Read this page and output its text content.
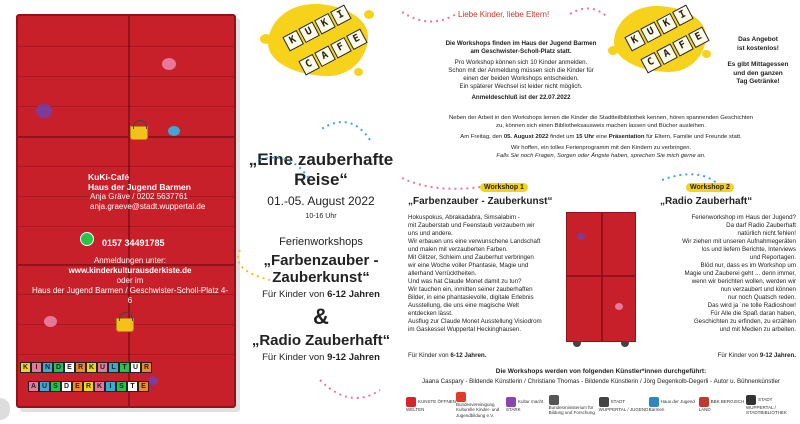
KuKi-Café
Haus der Jugend Barmen
Anja Gräve / 0202 5637761
anja.graeve@stadt.wuppertal.de
0157 34491785
Anmeldungen unter:
www.kinderkulturausderkiste.de
oder im
Haus der Jugend Barmen / Geschwister-Scholl-Platz 4-6
K I N D E R K U L T U R
A U S D E R K I S T E
K
U
K
I
C
A
F
E
„Eine zauberhafte Reise“
01.-05. August 2022
10-16 Uhr
Ferienworkshops
„Farbenzauber - Zauberkunst“
Für Kinder von 6-12 Jahren
&
„Radio Zauberhaft“
Für Kinder von 9-12 Jahren
Liebe Kinder, liebe Eltern!
Die Workshops finden im Haus der Jugend Barmen
am Geschwister-Scholl-Platz statt.
Pro Workshop können sich 10 Kinder anmelden.
Schon mit der Anmeldung müssen sich die Kinder für
einen der beiden Workshops entscheiden.
Ein späterer Wechsel ist leider nicht möglich.
Anmeldeschluß ist der 22.07.2022
K
U
K
I
C
A
F
E	Das Angebot
ist kostenlos!
Es gibt Mittagessen
und den ganzen
Tag Getränke!
Neben der Arbeit in den Workshops lernen die Kinder die Stadtteilbibliothek kennen, hören spannenden Geschichten
zu, können sich einen Bibliotheksausweis machen lassen und Bücher ausleihen.
Am Freitag, den 05. August 2022 findet um 15 Uhr eine Präsentation für Eltern, Familie und Freunde statt.
Wir hoffen, ein tolles Ferienprogramm mit den Kindern zu verbringen.
Falls Sie noch Fragen, Sorgen oder Ängste haben, sprechen Sie mich gerne an.
Workshop 1
„Farbenzauber - Zauberkunst“
Hokuspokus, Abrakadabra, Simsalabim -
mit Zauberstab und Feenstaub verzaubern wir
uns und andere.
Wir erbauen uns eine verwunschene Landschaft
und malen mit verzauberten Farben.
Mit Glitzer, Schleim und Zauberhut verbringen
wir eine Woche voller Phantasie, Magie und
allerhand Verrücktheiten.
Und was hat Claude Monet damit zu tun?
Wir tauchen ein, inmitten seiner zauberhaften
Bilder, in eine phantasievolle, digitale Erlebnis
Ausstellung, die uns eine magische Welt
entdecken lässt.
Ausflug zur Claude Monet Ausstellung Visiodrom
im Gaskessel Wuppertal Heckinghausen.
Für Kinder von 6-12 Jahren.
Workshop 2
„Radio Zauberhaft“
Ferienworkshop im Haus der Jugend?
Da darf Radio Zauberhaft
natürlich nicht fehlen!
Wir ziehen mit unseren Aufnahmegeräten
los und liefern Berichte, Interviews
und Reportagen.
Blöd nur, dass es im Workshop um
Magie und Zauberei geht ... denn immer,
wenn wir berichten wollen, werden wir
nun verzaubert und können
nur noch Quatsch reden.
Das wird ja `ne tolle Radioshow!
Für Alle die Spaß daran haben,
Geschichten zu erfinden, zu erzählen
und mit Medien zu arbeiten.
Für Kinder von 9-12 Jahren.
Die Workshops werden von folgenden Künstler*innen durchgeführt:
Jaana Caspary - Bildende Künstlerin / Christiane Thomas - Bildende Künstlerin / Jörg Degenkolb-Degerli - Autor u. Bühnenkünstler
KUNSTE ÖFFNEN WELTEN
Bundesvereinigung Kulturelle Kinder- und Jugendbildung e.V.
Kultur macht STARK
Bundesministerium für Bildung und Forschung
STADT WUPPERTAL / JUGEND
Haus der Jugend Barmen
BBK BERGISCH LAND
STADT WUPPERTAL / STADTBIBLIOTHEK
